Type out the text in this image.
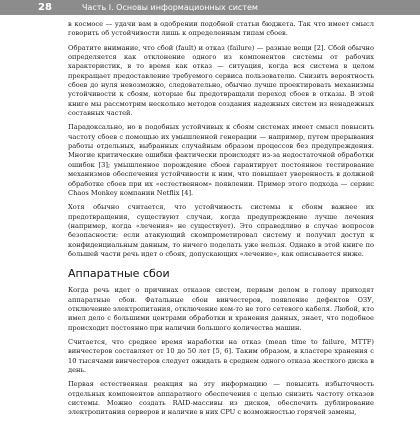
28	Часть I. Основы информационных систем

в космосе — удачи вам в одобрении подобной статьи бюджета. Так что имеет смысл говорить об устойчивости лишь к определенным типам сбоев.

Обратите внимание, что сбой (fault) и отказ (failure) — разные вещи [2]. Сбой обычно определяется как отклонение одного из компонентов системы от рабочих характеристик, в то время как отказ — ситуация, когда вся система в целом прекращает предоставление требуемого сервиса пользователю. Снизить вероятность сбоев до нуля невозможно, следовательно, обычно лучше проектировать механизмы устойчивости к сбоям, которые бы предотвращали переход сбоев в отказы. В этой книге мы рассмотрим несколько методов создания надежных систем из ненадежных составных частей.

Парадоксально, но в подобных устойчивых к сбоям системах имеет смысл повысить частоту сбоев с помощью их умышленной генерации — например, путем прерывания работы отдельных, выбранных случайным образом процессов без предупреждения. Многие критические ошибки фактически происходят из-за недостаточной обработки ошибок [3]; умышленное порождение сбоев гарантирует постоянное тестирование механизмов обеспечения устойчивости к ним, что повышает уверенность в должной обработке сбоев при их «естественном» появлении. Пример этого подхода — сервис Chaos Monkey компании Netflix [4].

Хотя обычно считается, что устойчивость системы к сбоям важнее их предотвращения, существуют случаи, когда предупреждение лучше лечения (например, когда «лечения» не существует). Это справедливо в случае вопросов безопасности: если атакующий скомпрометировал систему и получил доступ к конфиденциальным данным, то ничего поделать уже нельзя. Однако в этой книге по большей части речь идет о сбоях, допускающих «лечение», как описывается ниже.

Аппаратные сбои

Когда речь идет о причинах отказов систем, первым делом в голову приходят аппаратные сбои. Фатальные сбои винчестеров, появление дефектов ОЗУ, отключение электропитания, отключение кем-то не того сетевого кабеля. Любой, кто имел дело с большими центрами обработки и хранения данных, знает, что подобное происходит постоянно при наличии большого количества машин.

Считается, что среднее время наработки на отказ (mean time to failure, MTTF) винчестеров составляет от 10 до 50 лет [5, 6]. Таким образом, в кластере хранения с 10 тысячами винчестеров следует ожидать в среднем одного отказа жесткого диска в день.

Первая естественная реакция на эту информацию — повысить избыточность отдельных компонентов аппаратного обеспечения с целью снизить частоту отказов системы. Можно создать RAID-массивы из дисков, обеспечить дублирование электропитания серверов и наличие в них CPU с возможностью горячей замены,
